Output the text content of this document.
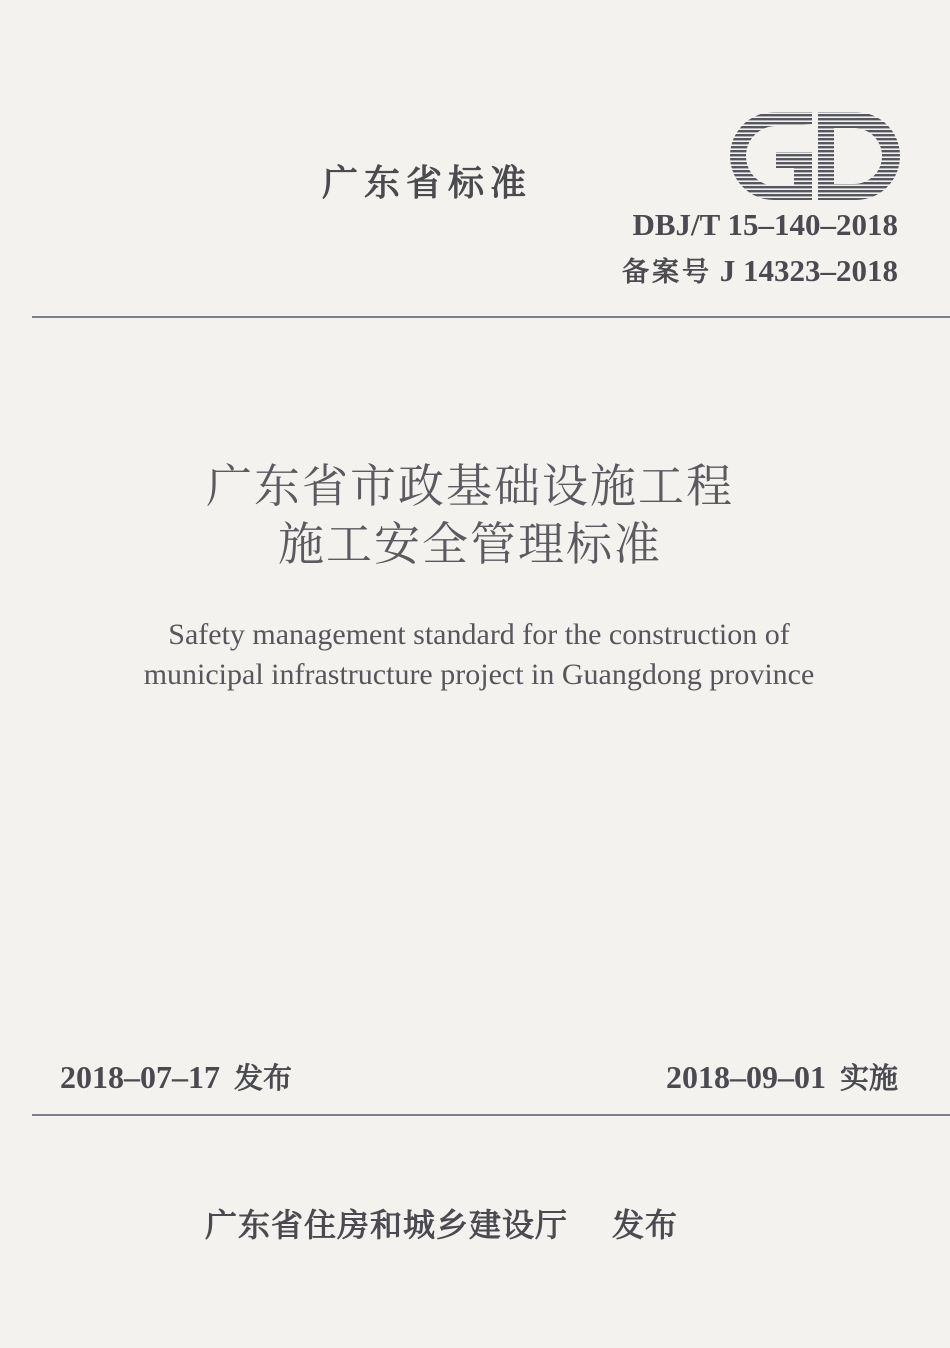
广东省标准
DBJ/T 15–140–2018
备案号 J 14323–2018
广东省市政基础设施工程
施工安全管理标准
Safety management standard for the construction of
municipal infrastructure project in Guangdong province
2018–07–17 发布	2018–09–01 实施
广东省住房和城乡建设厅 发布
